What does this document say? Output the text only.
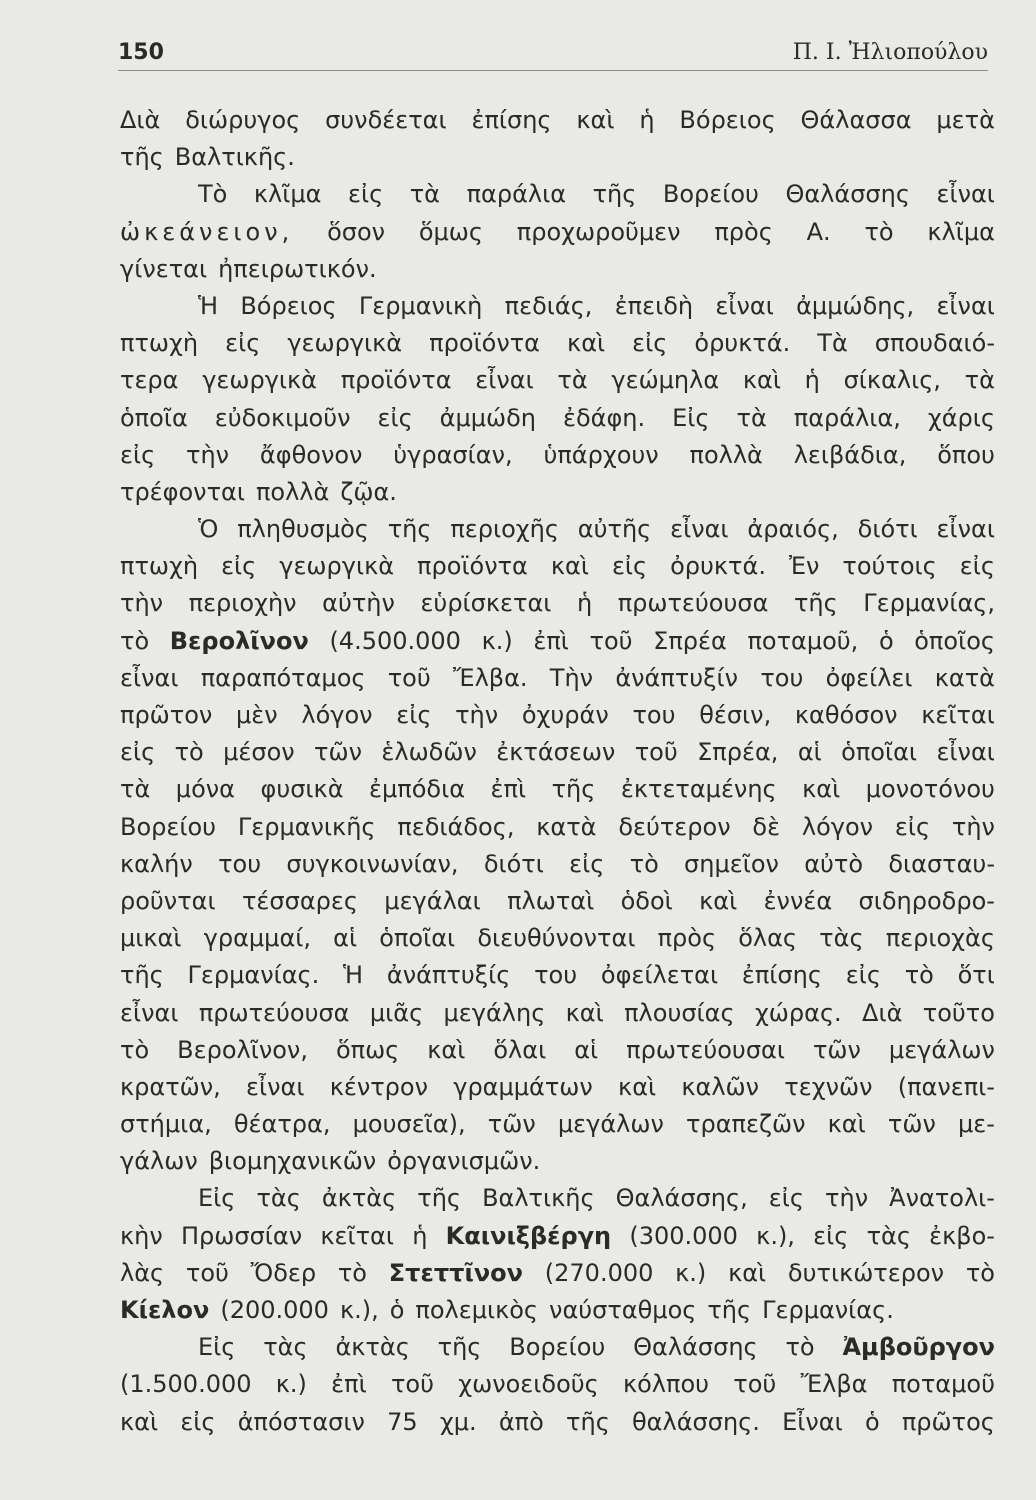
150	Π. Ι. Ἠλιοπούλου
Διὰ διώρυγος συνδέεται ἐπίσης καὶ ἡ Βόρειος Θάλασσα μετὰ
τῆς Βαλτικῆς.
Τὸ κλῖμα εἰς τὰ παράλια τῆς Βορείου Θαλάσσης εἶναι
ὠκεάνειον, ὅσον ὅμως προχωροῦμεν πρὸς Α. τὸ κλῖμα
γίνεται ἠπειρωτικόν.
Ἡ Βόρειος Γερμανικὴ πεδιάς, ἐπειδὴ εἶναι ἀμμώδης, εἶναι
πτωχὴ εἰς γεωργικὰ προϊόντα καὶ εἰς ὀρυκτά. Τὰ σπουδαιό-
τερα γεωργικὰ προϊόντα εἶναι τὰ γεώμηλα καὶ ἡ σίκαλις, τὰ
ὁποῖα εὐδοκιμοῦν εἰς ἀμμώδη ἐδάφη. Εἰς τὰ παράλια, χάρις
εἰς τὴν ἄφθονον ὑγρασίαν, ὑπάρχουν πολλὰ λειβάδια, ὅπου
τρέφονται πολλὰ ζῷα.
Ὁ πληθυσμὸς τῆς περιοχῆς αὐτῆς εἶναι ἀραιός, διότι εἶναι
πτωχὴ εἰς γεωργικὰ προϊόντα καὶ εἰς ὀρυκτά. Ἐν τούτοις εἰς
τὴν περιοχὴν αὐτὴν εὑρίσκεται ἡ πρωτεύουσα τῆς Γερμανίας,
τὸ Βερολῖνον (4.500.000 κ.) ἐπὶ τοῦ Σπρέα ποταμοῦ, ὁ ὁποῖος
εἶναι παραπόταμος τοῦ Ἔλβα. Τὴν ἀνάπτυξίν του ὀφείλει κατὰ
πρῶτον μὲν λόγον εἰς τὴν ὀχυράν του θέσιν, καθόσον κεῖται
εἰς τὸ μέσον τῶν ἑλωδῶν ἐκτάσεων τοῦ Σπρέα, αἱ ὁποῖαι εἶναι
τὰ μόνα φυσικὰ ἐμπόδια ἐπὶ τῆς ἐκτεταμένης καὶ μονοτόνου
Βορείου Γερμανικῆς πεδιάδος, κατὰ δεύτερον δὲ λόγον εἰς τὴν
καλήν του συγκοινωνίαν, διότι εἰς τὸ σημεῖον αὐτὸ διασταυ-
ροῦνται τέσσαρες μεγάλαι πλωταὶ ὁδοὶ καὶ ἐννέα σιδηροδρο-
μικαὶ γραμμαί, αἱ ὁποῖαι διευθύνονται πρὸς ὅλας τὰς περιοχὰς
τῆς Γερμανίας. Ἡ ἀνάπτυξίς του ὀφείλεται ἐπίσης εἰς τὸ ὅτι
εἶναι πρωτεύουσα μιᾶς μεγάλης καὶ πλουσίας χώρας. Διὰ τοῦτο
τὸ Βερολῖνον, ὅπως καὶ ὅλαι αἱ πρωτεύουσαι τῶν μεγάλων
κρατῶν, εἶναι κέντρον γραμμάτων καὶ καλῶν τεχνῶν (πανεπι-
στήμια, θέατρα, μουσεῖα), τῶν μεγάλων τραπεζῶν καὶ τῶν με-
γάλων βιομηχανικῶν ὀργανισμῶν.
Εἰς τὰς ἀκτὰς τῆς Βαλτικῆς Θαλάσσης, εἰς τὴν Ἀνατολι-
κὴν Πρωσσίαν κεῖται ἡ Καινιξβέργη (300.000 κ.), εἰς τὰς ἐκβο-
λὰς τοῦ Ὄδερ τὸ Στεττῖνον (270.000 κ.) καὶ δυτικώτερον τὸ
Κίελον (200.000 κ.), ὁ πολεμικὸς ναύσταθμος τῆς Γερμανίας.
Εἰς τὰς ἀκτὰς τῆς Βορείου Θαλάσσης τὸ Ἀμβοῦργον
(1.500.000 κ.) ἐπὶ τοῦ χωνοειδοῦς κόλπου τοῦ Ἔλβα ποταμοῦ
καὶ εἰς ἀπόστασιν 75 χμ. ἀπὸ τῆς θαλάσσης. Εἶναι ὁ πρῶτος
